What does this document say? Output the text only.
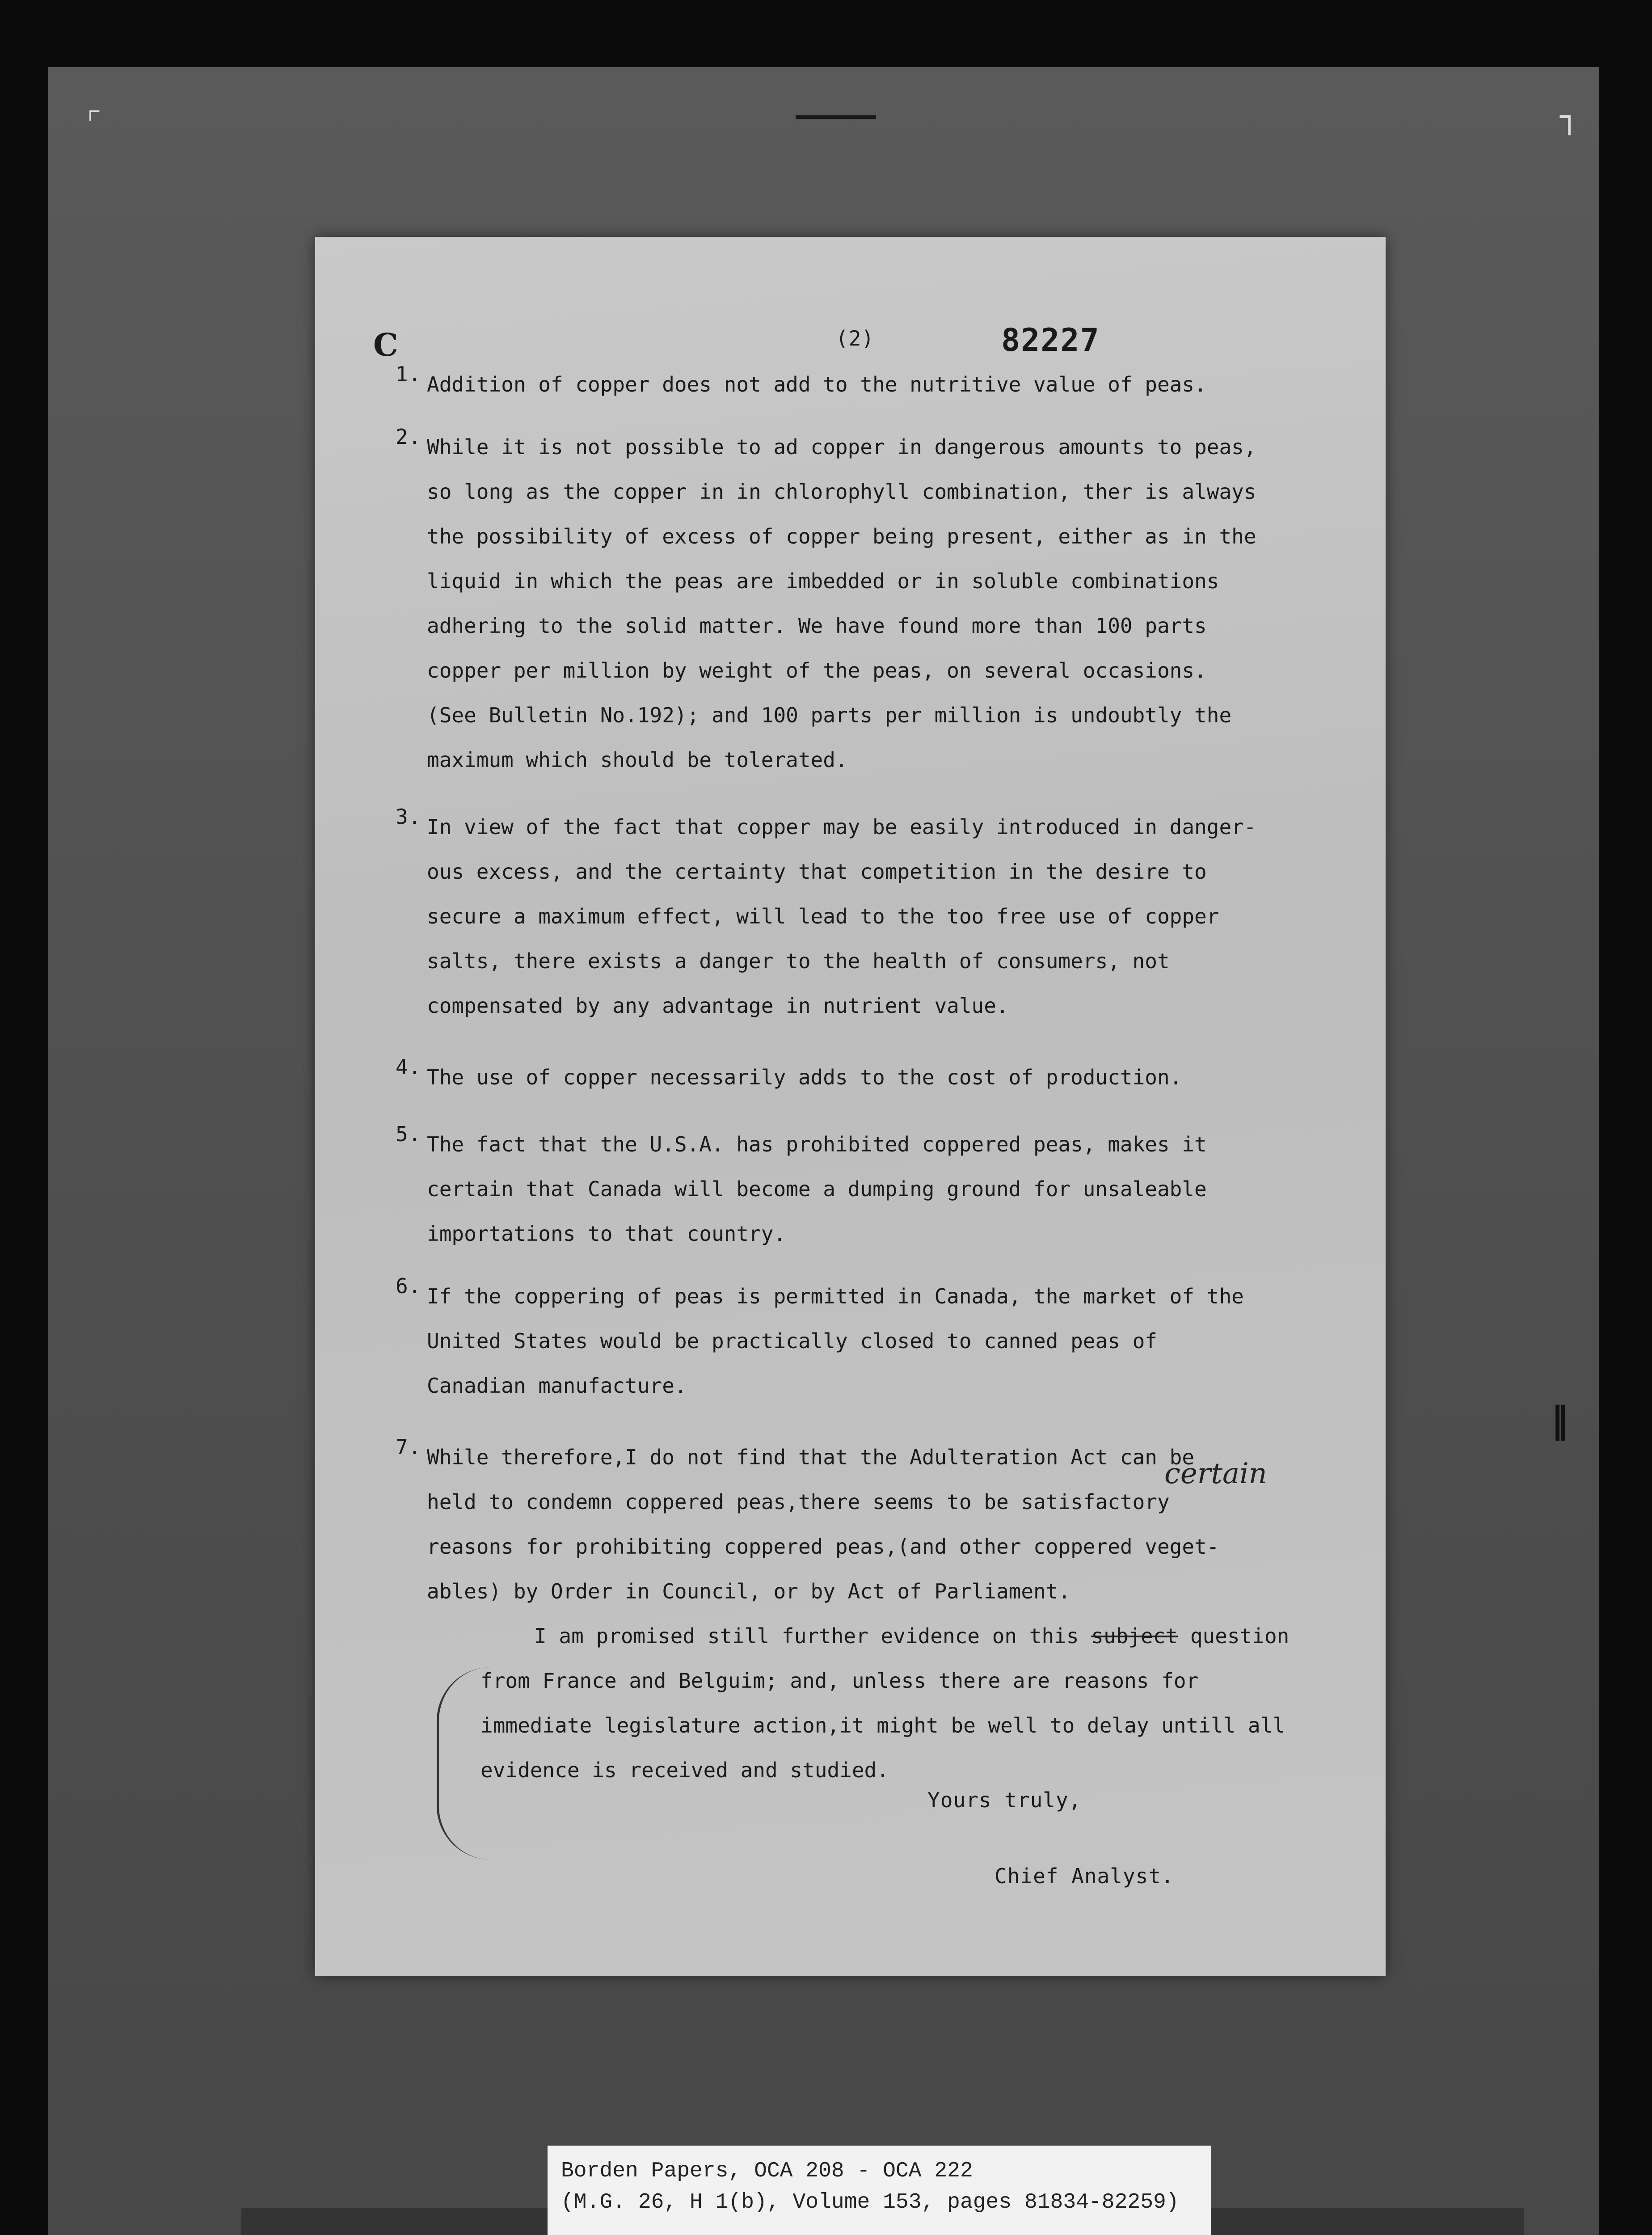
⌜	┐
‖
C	(2)	82227
1. Addition of copper does not add to the nutritive value of peas.
2. While it is not possible to ad copper in dangerous amounts to peas,
so long as the copper in in chlorophyll combination, ther is always
the possibility of excess of copper being present, either as in the
liquid in which the peas are imbedded or in soluble combinations
adhering to the solid matter. We have found more than 100 parts
copper per million by weight of the peas, on several occasions.
(See Bulletin No.192); and 100 parts per million is undoubtly the
maximum which should be tolerated.
3. In view of the fact that copper may be easily introduced in danger-
ous excess, and the certainty that competition in the desire to
secure a maximum effect, will lead to the too free use of copper
salts, there exists a danger to the health of consumers, not
compensated by any advantage in nutrient value.
4. The use of copper necessarily adds to the cost of production.
5. The fact that the U.S.A. has prohibited coppered peas, makes it
certain that Canada will become a dumping ground for unsaleable
importations to that country.
6. If the coppering of peas is permitted in Canada, the market of the
United States would be practically closed to canned peas of
Canadian manufacture.
7. While therefore,I do not find that the Adulteration Act can be
held to condemn coppered peas,there seems to be satisfactory
reasons for prohibiting coppered peas,(and other coppered veget-
ables) by Order in Council, or by Act of Parliament.
certain
I am promised still further evidence on this subject question
from France and Belguim; and, unless there are reasons for
immediate legislature action,it might be well to delay untill all
evidence is received and studied.
Yours truly,
Chief Analyst.
Borden Papers, OCA 208 - OCA 222
(M.G. 26, H 1(b), Volume 153, pages 81834-82259)
